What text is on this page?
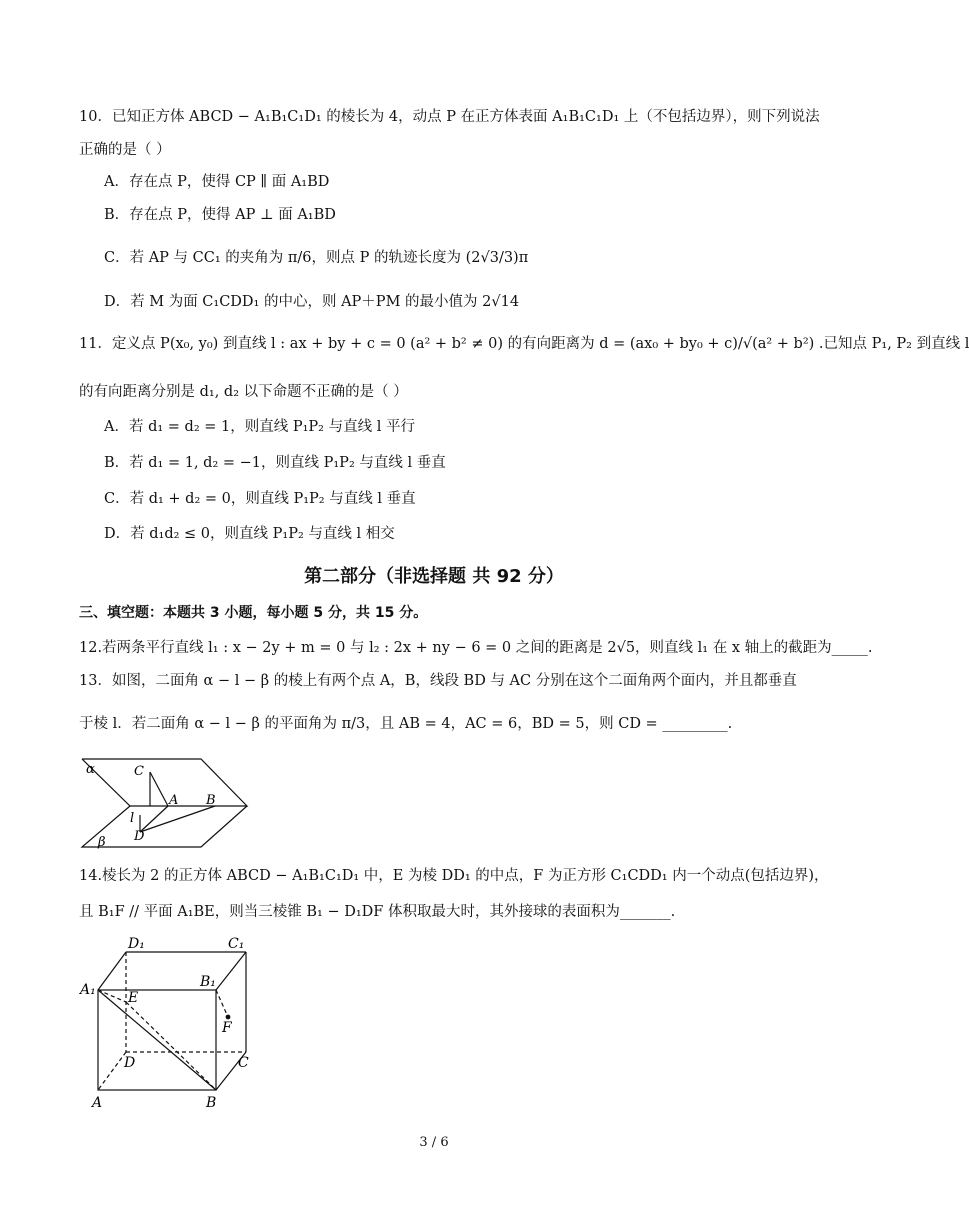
10．已知正方体 ABCD − A₁B₁C₁D₁ 的棱长为 4，动点 P 在正方体表面 A₁B₁C₁D₁ 上（不包括边界），则下列说法
正确的是（ ）
A．存在点 P，使得 CP ∥ 面 A₁BD
B．存在点 P，使得 AP ⊥ 面 A₁BD
C．若 AP 与 CC₁ 的夹角为 π/6，则点 P 的轨迹长度为 (2√3/3)π
D．若 M 为面 C₁CDD₁ 的中心，则 AP＋PM 的最小值为 2√14
11．定义点 P(x₀, y₀) 到直线 l : ax + by + c = 0 (a² + b² ≠ 0) 的有向距离为 d = (ax₀ + by₀ + c)/√(a² + b²) .已知点 P₁, P₂ 到直线 l
的有向距离分别是 d₁, d₂ 以下命题不正确的是（ ）
A．若 d₁ = d₂ = 1，则直线 P₁P₂ 与直线 l 平行
B．若 d₁ = 1, d₂ = −1，则直线 P₁P₂ 与直线 l 垂直
C．若 d₁ + d₂ = 0，则直线 P₁P₂ 与直线 l 垂直
D．若 d₁d₂ ≤ 0，则直线 P₁P₂ 与直线 l 相交
第二部分（非选择题 共 92 分）
三、填空题：本题共 3 小题，每小题 5 分，共 15 分。
12.若两条平行直线 l₁ : x − 2y + m = 0 与 l₂ : 2x + ny − 6 = 0 之间的距离是 2√5，则直线 l₁ 在 x 轴上的截距为_____.
13．如图，二面角 α − l − β 的棱上有两个点 A，B，线段 BD 与 AC 分别在这个二面角两个面内，并且都垂直
于棱 l．若二面角 α − l − β 的平面角为 π/3，且 AB = 4，AC = 6，BD = 5，则 CD = _________.
α	C
A B
l
D
β
14.棱长为 2 的正方体 ABCD − A₁B₁C₁D₁ 中，E 为棱 DD₁ 的中点，F 为正方形 C₁CDD₁ 内一个动点(包括边界)，
且 B₁F // 平面 A₁BE，则当三棱锥 B₁ − D₁DF 体积取最大时，其外接球的表面积为_______.
D₁	C₁
A₁	B₁
E
F
D	C
A	B
3 / 6
